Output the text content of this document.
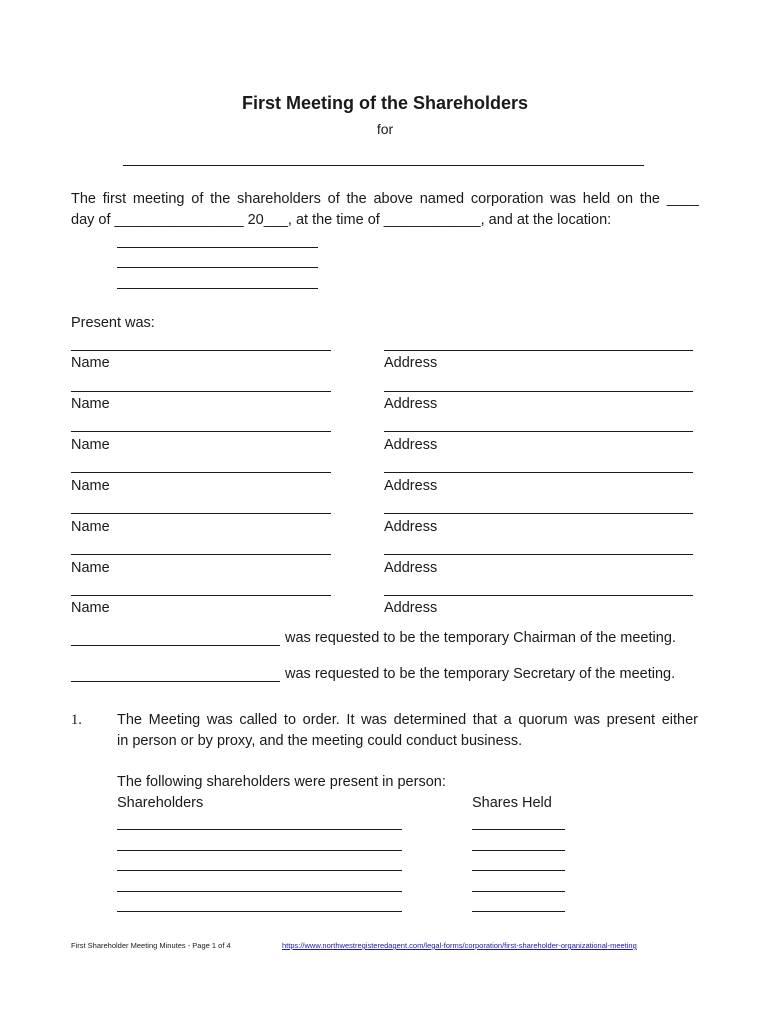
First Meeting of the Shareholders
for
The first meeting of the shareholders of the above named corporation was held on the ____
day of ________________ 20___, at the time of ____________, and at the location:
Present was:
Name	Address
Name	Address
Name	Address
Name	Address
Name	Address
Name	Address
Name	Address
was requested to be the temporary Chairman of the meeting.
was requested to be the temporary Secretary of the meeting.
1. The Meeting was called to order. It was determined that a quorum was present either
in person or by proxy, and the meeting could conduct business.
The following shareholders were present in person:
Shareholders	Shares Held
First Shareholder Meeting Minutes - Page 1 of 4	https://www.northwestregisteredagent.com/legal-forms/corporation/first-shareholder-organizational-meeting
